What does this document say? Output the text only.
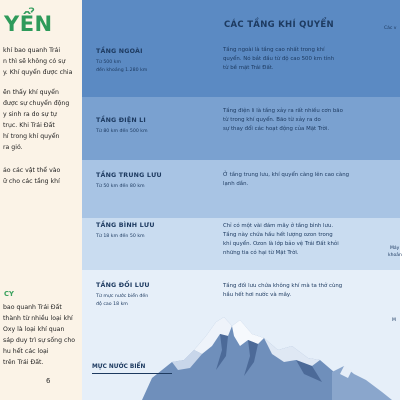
YỂN
khí bao quanh Trái
n thì sẽ không có sự
y. Khí quyển được chia
ẽn thấy khí quyển
được sự chuyển động
y sinh ra do sự tự
trục. Khi Trái Đất
hí trong khí quyển
ra gió.
ảo các vật thể vào
ữ cho các tầng khí
CY
bao quanh Trái Đất
thành từ nhiều loại khí
Oxy là loại khí quan
sáp duy trì sự sống cho
hu hết các loại
trên Trái Đất.
6
CÁC TẦNG KHÍ QUYỂN	Các v
Máy
khoản
M
TẦNG NGOÀI
Từ 500 km
đến khoảng 1.280 km
Tầng ngoài là tầng cao nhất trong khí
quyển. Nó bắt đầu từ độ cao 500 km tính
từ bề mặt Trái Đất.
TẦNG ĐIỆN LI
Từ 80 km đến 500 km
Tầng điện li là tầng xảy ra rất nhiều cơn bão
từ trong khí quyển. Bão từ xảy ra do
sự thay đổi các hoạt động của Mặt Trời.
TẦNG TRUNG LƯU
Từ 50 km đến 80 km
Ở tầng trung lưu, khí quyển càng lên cao càng
lạnh dần.
TẦNG BÌNH LƯU
Từ 18 km đến 50 km
Chỉ có một vài đám mây ở tầng bình lưu.
Tầng này chứa hầu hết lượng ozon trong
khí quyển. Ozon là lớp bảo vệ Trái Đất khỏi
những tia có hại từ Mặt Trời.
TẦNG ĐỐI LƯU
Từ mực nước biển đến
độ cao 18 km
Tầng đối lưu chứa không khí mà ta thở cùng
hầu hết hơi nước và mây.
MỰC NƯỚC BIỂN
